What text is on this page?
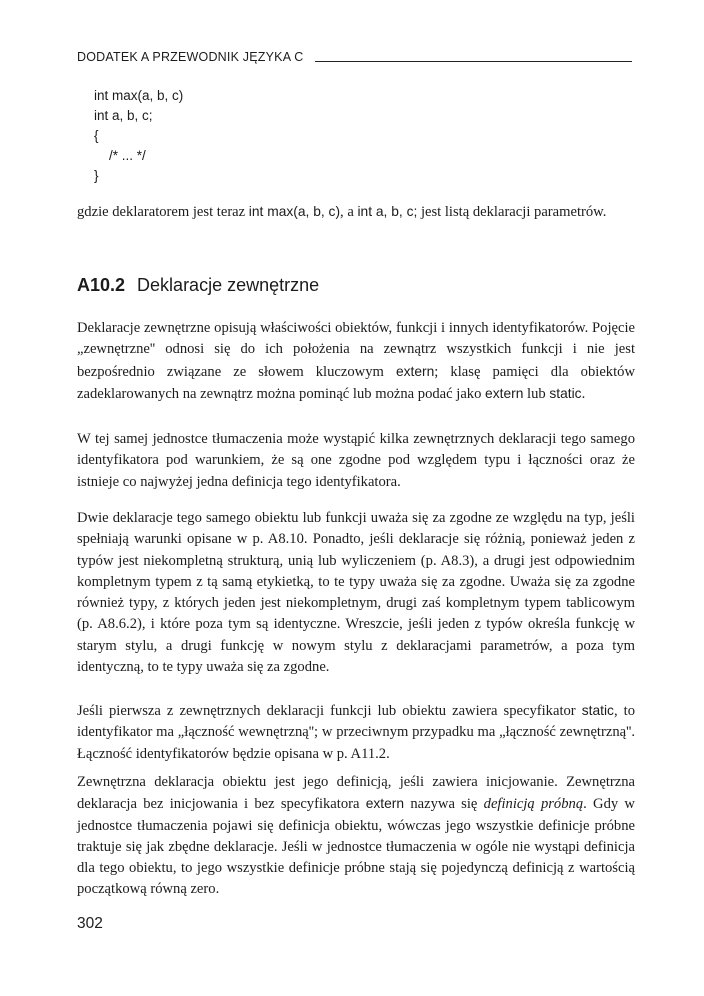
DODATEK A PRZEWODNIK JĘZYKA C
int max(a, b, c)
int a, b, c;
{
/* ... */
}

gdzie deklaratorem jest teraz int max(a, b, c), a int a, b, c; jest listą deklaracji parametrów.

A10.2 Deklaracje zewnętrzne

Deklaracje zewnętrzne opisują właściwości obiektów, funkcji i innych identyfikatorów. Pojęcie „zewnętrzne'' odnosi się do ich położenia na zewnątrz wszystkich funkcji i nie jest bezpośrednio związane ze słowem kluczowym extern; klasę pamięci dla obiektów zadeklarowanych na zewnątrz można pominąć lub można podać jako extern lub static.

W tej samej jednostce tłumaczenia może wystąpić kilka zewnętrznych deklaracji tego samego identyfikatora pod warunkiem, że są one zgodne pod względem typu i łączności oraz że istnieje co najwyżej jedna definicja tego identyfikatora.

Dwie deklaracje tego samego obiektu lub funkcji uważa się za zgodne ze względu na typ, jeśli spełniają warunki opisane w p. A8.10. Ponadto, jeśli deklaracje się różnią, ponieważ jeden z typów jest niekompletną strukturą, unią lub wyliczeniem (p. A8.3), a drugi jest odpowiednim kompletnym typem z tą samą etykietką, to te typy uważa się za zgodne. Uważa się za zgodne również typy, z których jeden jest niekompletnym, drugi zaś kompletnym typem tablicowym (p. A8.6.2), i które poza tym są identyczne. Wreszcie, jeśli jeden z typów określa funkcję w starym stylu, a drugi funkcję w nowym stylu z deklaracjami parametrów, a poza tym identyczną, to te typy uważa się za zgodne.

Jeśli pierwsza z zewnętrznych deklaracji funkcji lub obiektu zawiera specyfikator static, to identyfikator ma „łączność wewnętrzną''; w przeciwnym przypadku ma „łączność zewnętrzną''. Łączność identyfikatorów będzie opisana w p. A11.2.

Zewnętrzna deklaracja obiektu jest jego definicją, jeśli zawiera inicjowanie. Zewnętrzna deklaracja bez inicjowania i bez specyfikatora extern nazywa się definicją próbną. Gdy w jednostce tłumaczenia pojawi się definicja obiektu, wówczas jego wszystkie definicje próbne traktuje się jak zbędne deklaracje. Jeśli w jednostce tłumaczenia w ogóle nie wystąpi definicja dla tego obiektu, to jego wszystkie definicje próbne stają się pojedynczą definicją z wartością początkową równą zero.

302
